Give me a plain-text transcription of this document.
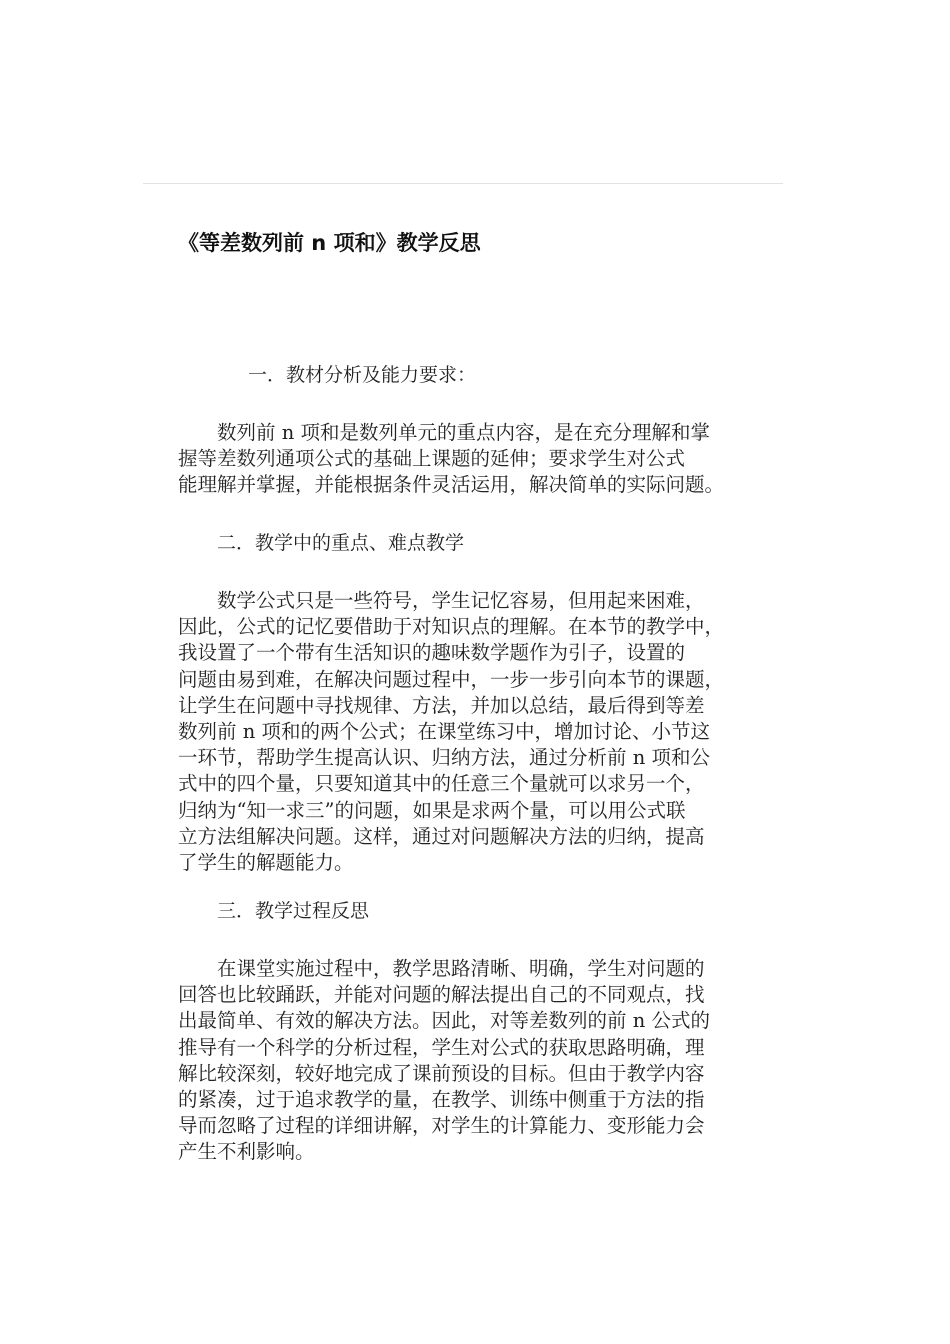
《等差数列前 n 项和》教学反思

一．教材分析及能力要求：

数列前 n 项和是数列单元的重点内容，是在充分理解和掌
握等差数列通项公式的基础上课题的延伸；要求学生对公式
能理解并掌握，并能根据条件灵活运用，解决简单的实际问题。

二．教学中的重点、难点教学

数学公式只是一些符号，学生记忆容易，但用起来困难，
因此，公式的记忆要借助于对知识点的理解。在本节的教学中，
我设置了一个带有生活知识的趣味数学题作为引子，设置的
问题由易到难，在解决问题过程中，一步一步引向本节的课题，
让学生在问题中寻找规律、方法，并加以总结，最后得到等差
数列前 n 项和的两个公式；在课堂练习中，增加讨论、小节这
一环节，帮助学生提高认识、归纳方法，通过分析前 n 项和公
式中的四个量，只要知道其中的任意三个量就可以求另一个，
归纳为“知一求三”的问题，如果是求两个量，可以用公式联
立方法组解决问题。这样，通过对问题解决方法的归纳，提高
了学生的解题能力。

三．教学过程反思

在课堂实施过程中，教学思路清晰、明确，学生对问题的
回答也比较踊跃，并能对问题的解法提出自己的不同观点，找
出最简单、有效的解决方法。因此，对等差数列的前 n 公式的
推导有一个科学的分析过程，学生对公式的获取思路明确，理
解比较深刻，较好地完成了课前预设的目标。但由于教学内容
的紧凑，过于追求教学的量，在教学、训练中侧重于方法的指
导而忽略了过程的详细讲解，对学生的计算能力、变形能力会
产生不利影响。
